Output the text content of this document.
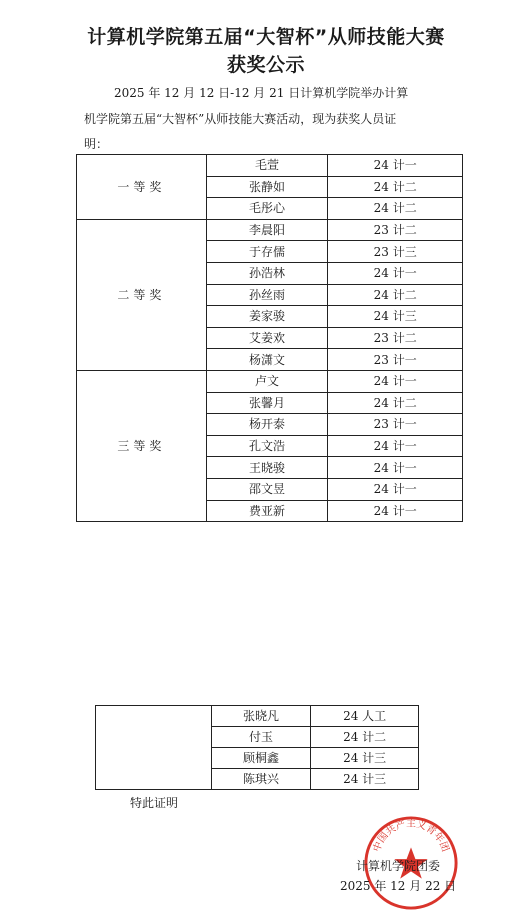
计算机学院第五届“大智杯”从师技能大赛
获奖公示
2025 年 12 月 12 日-12 月 21 日计算机学院举办计算
机学院第五届“大智杯”从师技能大赛活动，现为获奖人员证
明：
一等奖	毛萱	24 计一
	张静如	24 计二
	毛彤心	24 计二
二等奖	李晨阳	23 计二
	于存儒	23 计三
	孙浩林	24 计一
	孙丝雨	24 计二
	姜家骏	24 计三
	艾姜欢	23 计二
	杨潇文	23 计一
三等奖	卢文	24 计一
	张馨月	24 计二
	杨开泰	23 计一
	孔文浩	24 计一
	王晓骏	24 计一
	邵文昱	24 计一
	费亚新	24 计一
	张晓凡	24 人工
	付玉	24 计二
	顾桐鑫	24 计三
	陈琪兴	24 计三
特此证明
中国共产主义青年团
计算机学院团委
2025 年 12 月 22 日
